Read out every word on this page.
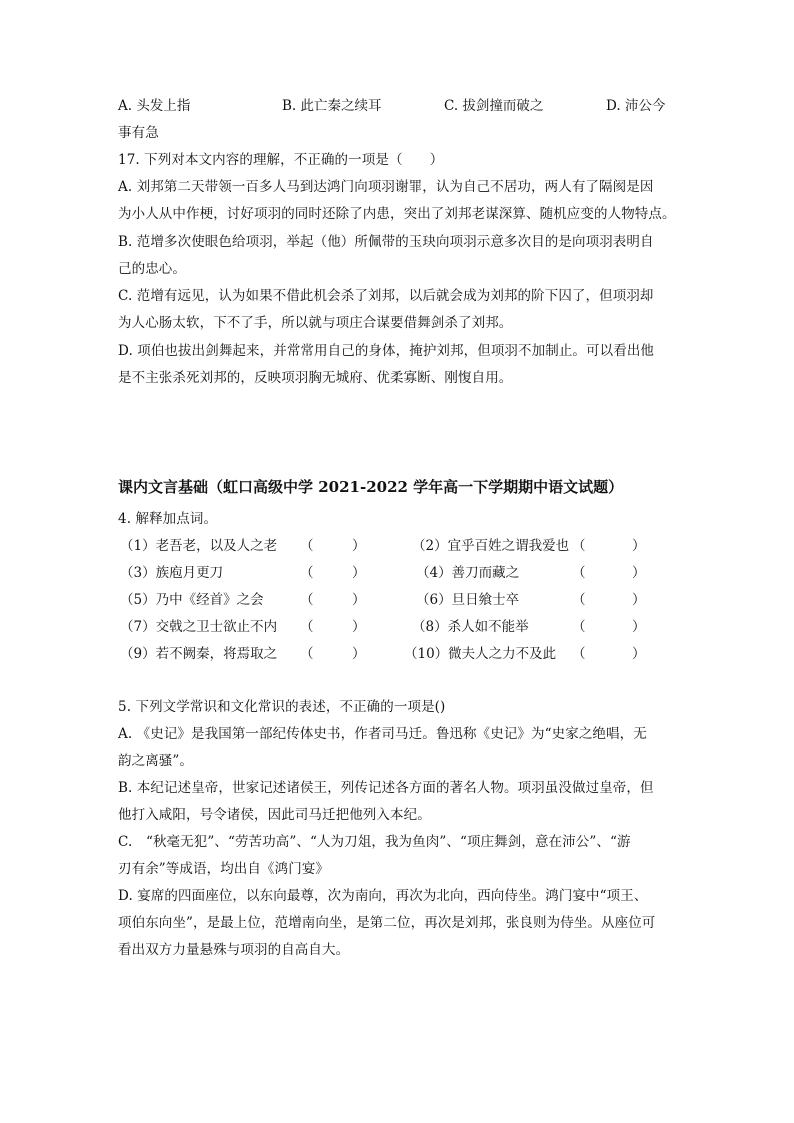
A. 头发上指	B. 此亡秦之续耳	C. 拔剑撞而破之	D. 沛公今
事有急
17. 下列对本文内容的理解，不正确的一项是（　　）
A. 刘邦第二天带领一百多人马到达鸿门向项羽谢罪，认为自己不居功，两人有了隔阂是因
为小人从中作梗，讨好项羽的同时还除了内患，突出了刘邦老谋深算、随机应变的人物特点。
B. 范增多次使眼色给项羽，举起（他）所佩带的玉玦向项羽示意多次目的是向项羽表明自
己的忠心。
C. 范增有远见，认为如果不借此机会杀了刘邦，以后就会成为刘邦的阶下囚了，但项羽却
为人心肠太软，下不了手，所以就与项庄合谋要借舞剑杀了刘邦。
D. 项伯也拔出剑舞起来，并常常用自己的身体，掩护刘邦，但项羽不加制止。可以看出他
是不主张杀死刘邦的，反映项羽胸无城府、优柔寡断、刚愎自用。
课内文言基础（虹口高级中学 2021-2022 学年高一下学期期中语文试题）
4. 解释加点词。
（1）老吾老，以及人之老 （	）	（2）宜乎百姓之谓我爱也 （	）
（3）族庖月更刀	（	）	（4）善刀而藏之	（	）
（5）乃中《经首》之会	（	）	（6）旦日飨士卒	（	）
（7）交戟之卫士欲止不内 （	）	（8）杀人如不能举	（	）
（9）若不阙秦，将焉取之 （	）	（10）微夫人之力不及此 （	）
5. 下列文学常识和文化常识的表述，不正确的一项是()
A. 《史记》是我国第一部纪传体史书，作者司马迁。鲁迅称《史记》为“史家之绝唱，无
韵之离骚”。
B. 本纪记述皇帝，世家记述诸侯王，列传记述各方面的著名人物。项羽虽没做过皇帝，但
他打入咸阳，号令诸侯，因此司马迁把他列入本纪。
C.　“秋毫无犯”、“劳苦功高”、“人为刀俎，我为鱼肉”、“项庄舞剑，意在沛公”、“游
刃有余”等成语，均出自《鸿门宴》
D. 宴席的四面座位，以东向最尊，次为南向，再次为北向，西向侍坐。鸿门宴中“项王、
项伯东向坐”，是最上位，范增南向坐，是第二位，再次是刘邦，张良则为侍坐。从座位可
看出双方力量悬殊与项羽的自高自大。
